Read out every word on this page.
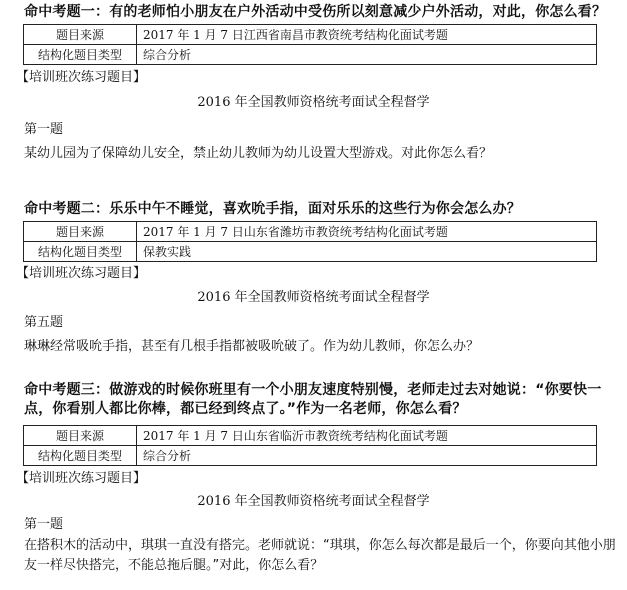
命中考题一：有的老师怕小朋友在户外活动中受伤所以刻意减少户外活动，对此，你怎么看？
题目来源	2017 年 1 月 7 日江西省南昌市教资统考结构化面试考题
结构化题目类型	综合分析
【培训班次练习题目】
2016 年全国教师资格统考面试全程督学
第一题
某幼儿园为了保障幼儿安全，禁止幼儿教师为幼儿设置大型游戏。对此你怎么看？
命中考题二：乐乐中午不睡觉，喜欢吮手指，面对乐乐的这些行为你会怎么办？
题目来源	2017 年 1 月 7 日山东省潍坊市教资统考结构化面试考题
结构化题目类型	保教实践
【培训班次练习题目】
2016 年全国教师资格统考面试全程督学
第五题
琳琳经常吸吮手指，甚至有几根手指都被吸吮破了。作为幼儿教师，你怎么办？
命中考题三：做游戏的时候你班里有一个小朋友速度特别慢，老师走过去对她说：“你要快一点，你看别人都比你棒，都已经到终点了。”作为一名老师，你怎么看？
题目来源	2017 年 1 月 7 日山东省临沂市教资统考结构化面试考题
结构化题目类型	综合分析
【培训班次练习题目】
2016 年全国教师资格统考面试全程督学
第一题
在搭积木的活动中，琪琪一直没有搭完。老师就说：“琪琪，你怎么每次都是最后一个，你要向其他小朋友一样尽快搭完，不能总拖后腿。”对此，你怎么看？
